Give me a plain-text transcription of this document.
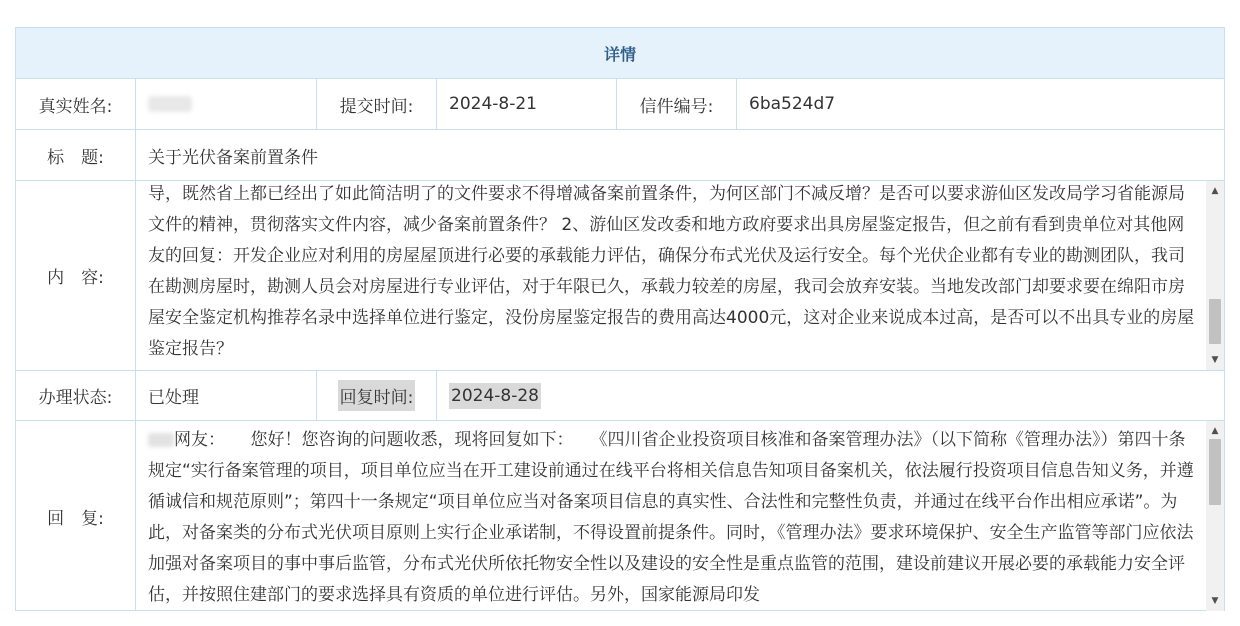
详情
真实姓名:	提交时间:	2024-8-21	信件编号:	6ba524d7
标　题:	关于光伏备案前置条件
内　容:
导，既然省上都已经出了如此简洁明了的文件要求不得增减备案前置条件，为何区部门不减反增？是否可以要求游仙区发改局学习省能源局文件的精神，贯彻落实文件内容，减少备案前置条件？ 2、游仙区发改委和地方政府要求出具房屋鉴定报告，但之前有看到贵单位对其他网友的回复：开发企业应对利用的房屋屋顶进行必要的承载能力评估，确保分布式光伏及运行安全。每个光伏企业都有专业的勘测团队，我司在勘测房屋时，勘测人员会对房屋进行专业评估，对于年限已久，承载力较差的房屋，我司会放弃安装。当地发改部门却要求要在绵阳市房屋安全鉴定机构推荐名录中选择单位进行鉴定，没份房屋鉴定报告的费用高达4000元，这对企业来说成本过高，是否可以不出具专业的房屋鉴定报告？
▲
▼
办理状态:	已处理	回复时间: 2024-8-28
回　复:
网友：　　您好！您咨询的问题收悉，现将回复如下：　　《四川省企业投资项目核准和备案管理办法》（以下简称《管理办法》）第四十条规定“实行备案管理的项目，项目单位应当在开工建设前通过在线平台将相关信息告知项目备案机关，依法履行投资项目信息告知义务，并遵循诚信和规范原则”；第四十一条规定“项目单位应当对备案项目信息的真实性、合法性和完整性负责，并通过在线平台作出相应承诺”。为此，对备案类的分布式光伏项目原则上实行企业承诺制，不得设置前提条件。同时，《管理办法》要求环境保护、安全生产监管等部门应依法加强对备案项目的事中事后监管，分布式光伏所依托物安全性以及建设的安全性是重点监管的范围，建设前建议开展必要的承载能力安全评估，并按照住建部门的要求选择具有资质的单位进行评估。另外，国家能源局印发
▲
▼
